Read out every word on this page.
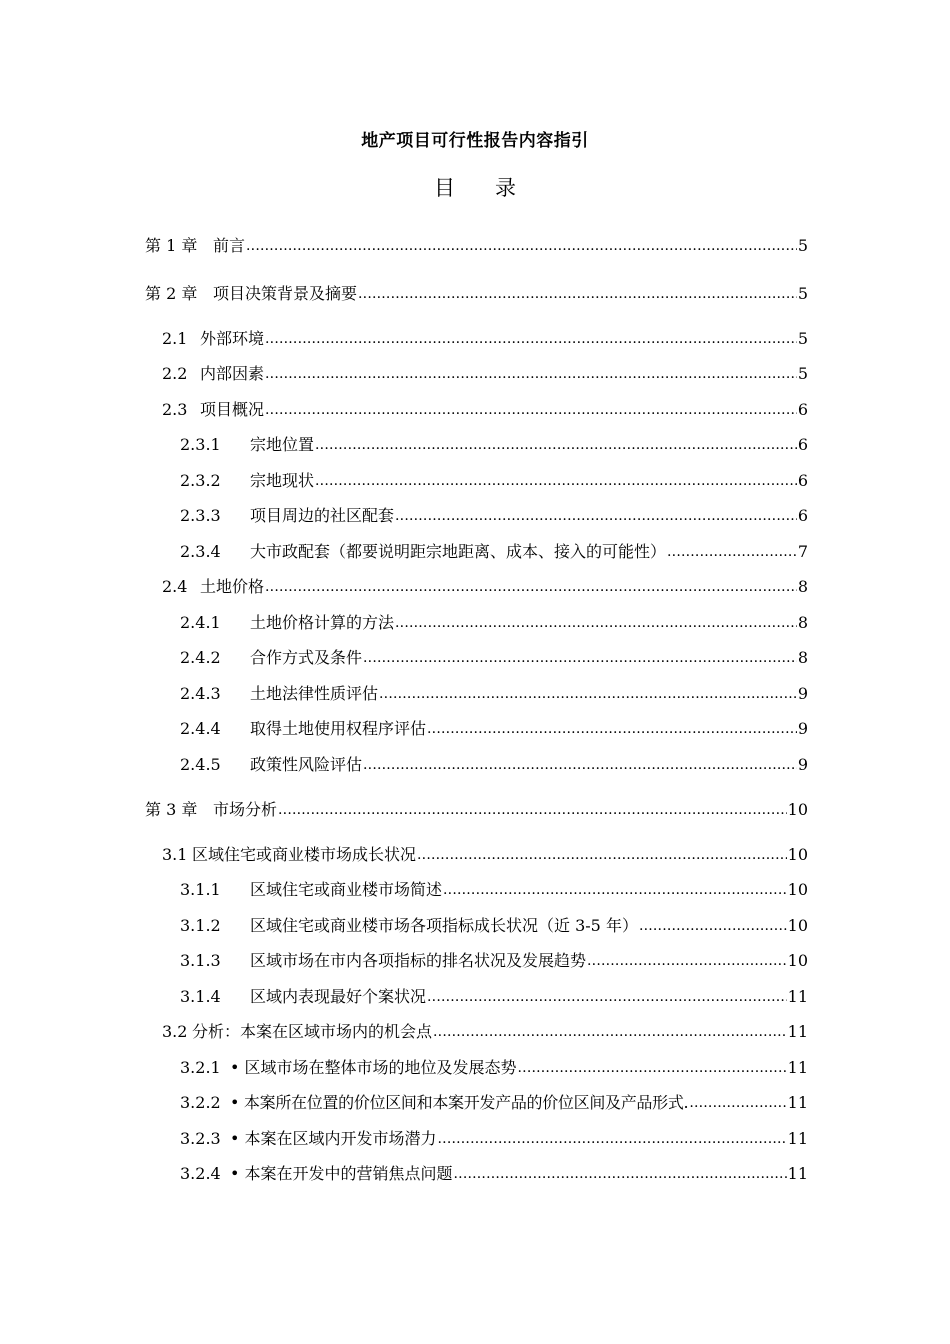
地产项目可行性报告内容指引
目 录
第 1 章 前言 .....	5
第 2 章 项目决策背景及摘要 .....	5
2.1 外部环境 .....	5
2.2 内部因素 .....	5
2.3 项目概况 .....	6
2.3.1	宗地位置 .....	6
2.3.2	宗地现状 .....	6
2.3.3	项目周边的社区配套 .....	6
2.3.4	大市政配套（都要说明距宗地距离、成本、接入的可能性） .....	7
2.4 土地价格 .....	8
2.4.1	土地价格计算的方法 .....	8
2.4.2	合作方式及条件 .....	8
2.4.3	土地法律性质评估 .....	9
2.4.4	取得土地使用权程序评估 .....	9
2.4.5	政策性风险评估 .....	9
第 3 章 市场分析 .....	10
3.1 区域住宅或商业楼市场成长状况 .....	10
3.1.1	区域住宅或商业楼市场简述 .....	10
3.1.2	区域住宅或商业楼市场各项指标成长状况（近 3-5 年） .....	10
3.1.3	区域市场在市内各项指标的排名状况及发展趋势 .....	10
3.1.4	区域内表现最好个案状况 .....	11
3.2 分析：本案在区域市场内的机会点 .....	11
3.2.1 • 区域市场在整体市场的地位及发展态势 .....	11
3.2.2 • 本案所在位置的价位区间和本案开发产品的价位区间及产品形式. .....	11
3.2.3 • 本案在区域内开发市场潜力 .....	11
3.2.4 • 本案在开发中的营销焦点问题 .....	11
